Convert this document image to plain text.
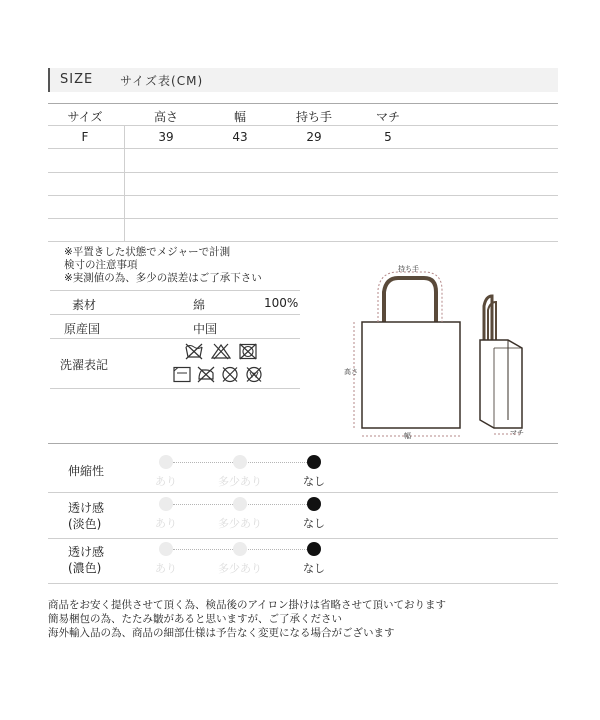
SIZE サイズ表(CM)
サイズ	高さ	幅	持ち手	マチ
F	39	43	29	5
※平置きした状態でメジャーで計測
検寸の注意事項
※実測値の為、多少の誤差はご了承下さい
素材	綿	100%
原産国	中国
洗濯表記
持ち手
高さ
幅	マチ
伸縮性
あり	多少あり	なし
透け感
(淡色)	あり	多少あり	なし
透け感
(濃色)	あり	多少あり	なし
商品をお安く提供させて頂く為、検品後のアイロン掛けは省略させて頂いております
簡易梱包の為、たたみ皺があると思いますが、ご了承ください
海外輸入品の為、商品の細部仕様は予告なく変更になる場合がございます
